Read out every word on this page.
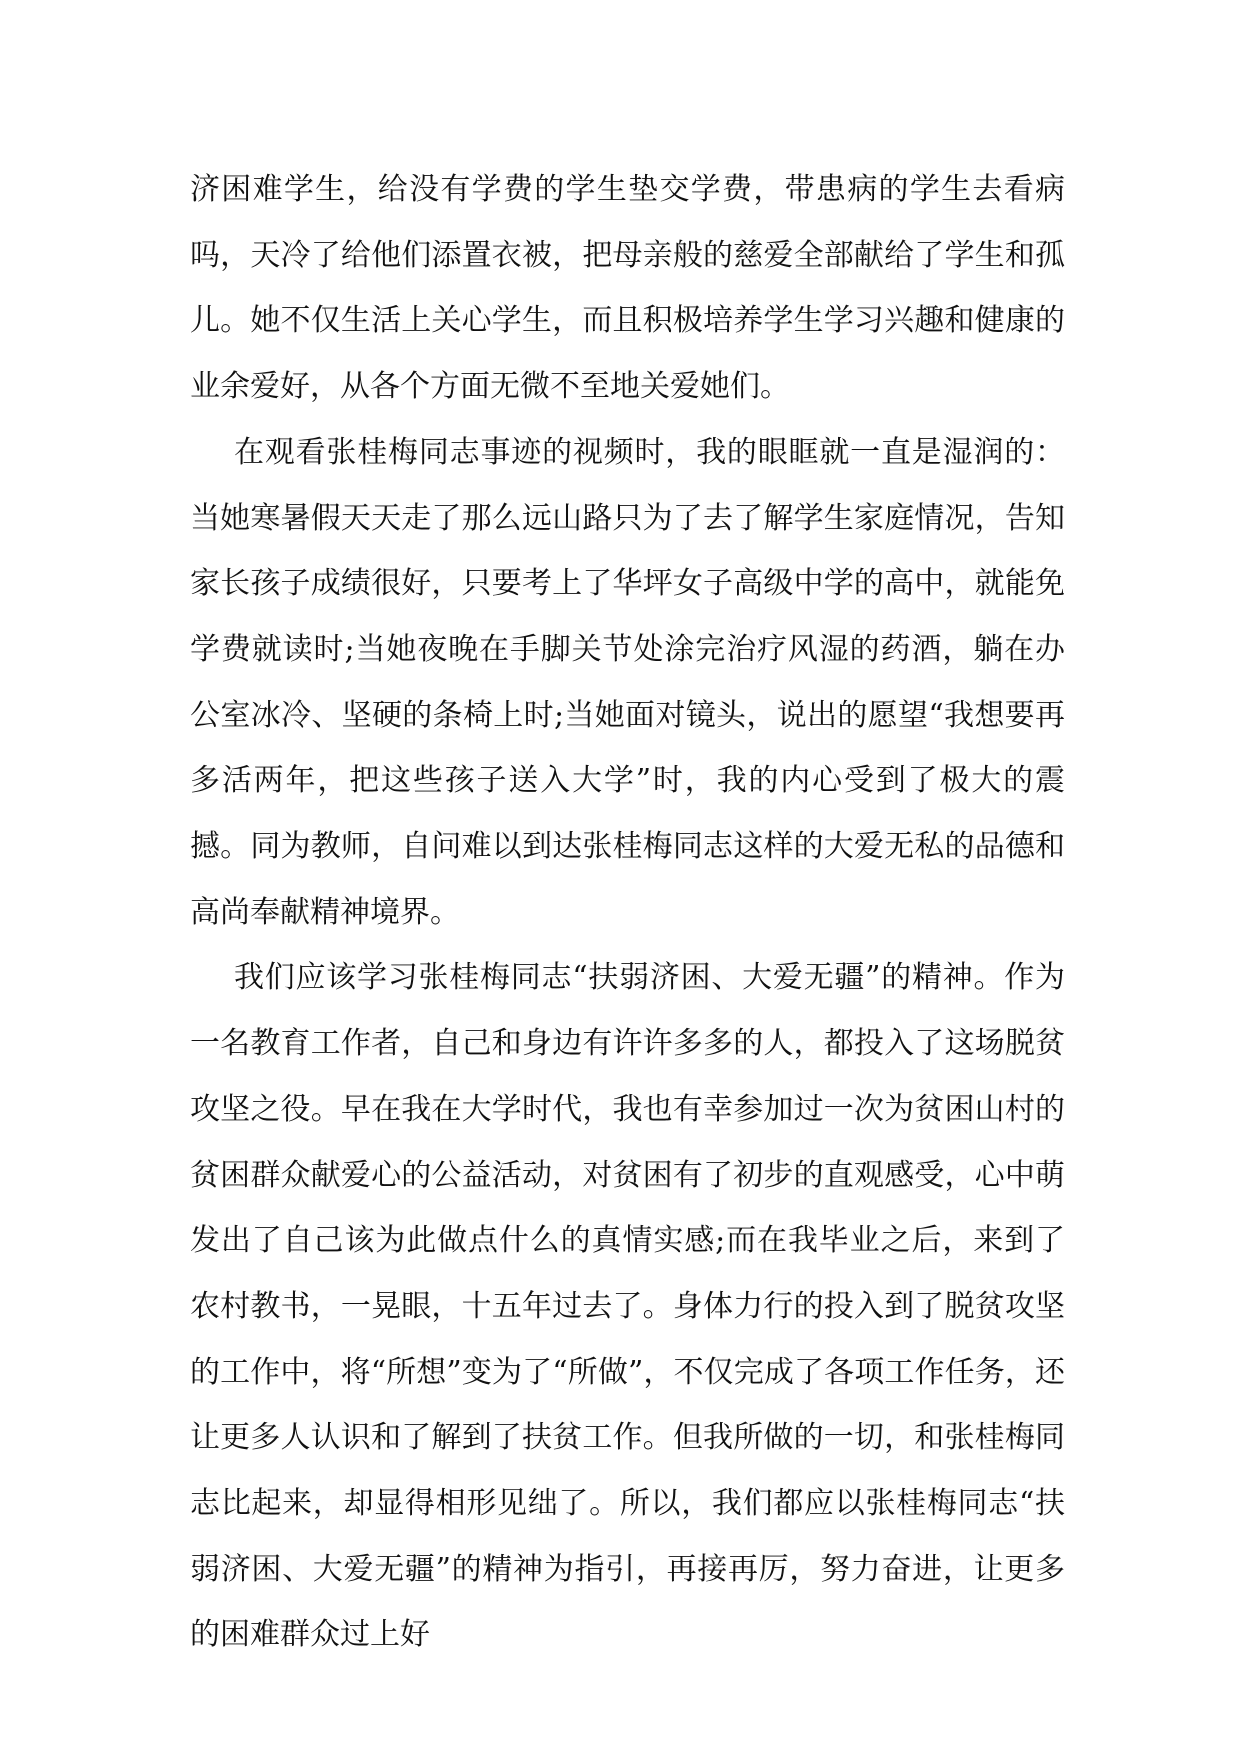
济困难学生，给没有学费的学生垫交学费，带患病的学生去看病吗，天冷了给他们添置衣被，把母亲般的慈爱全部献给了学生和孤儿。她不仅生活上关心学生，而且积极培养学生学习兴趣和健康的业余爱好，从各个方面无微不至地关爱她们。

在观看张桂梅同志事迹的视频时，我的眼眶就一直是湿润的：当她寒暑假天天走了那么远山路只为了去了解学生家庭情况，告知家长孩子成绩很好，只要考上了华坪女子高级中学的高中，就能免学费就读时;当她夜晚在手脚关节处涂完治疗风湿的药酒，躺在办公室冰冷、坚硬的条椅上时;当她面对镜头，说出的愿望“我想要再多活两年，把这些孩子送入大学”时，我的内心受到了极大的震撼。同为教师，自问难以到达张桂梅同志这样的大爱无私的品德和高尚奉献精神境界。

我们应该学习张桂梅同志“扶弱济困、大爱无疆”的精神。作为一名教育工作者，自己和身边有许许多多的人，都投入了这场脱贫攻坚之役。早在我在大学时代，我也有幸参加过一次为贫困山村的贫困群众献爱心的公益活动，对贫困有了初步的直观感受，心中萌发出了自己该为此做点什么的真情实感;而在我毕业之后，来到了农村教书，一晃眼，十五年过去了。身体力行的投入到了脱贫攻坚的工作中，将“所想”变为了“所做”，不仅完成了各项工作任务，还让更多人认识和了解到了扶贫工作。但我所做的一切，和张桂梅同志比起来，却显得相形见绌了。所以，我们都应以张桂梅同志“扶弱济困、大爱无疆”的精神为指引，再接再厉，努力奋进，让更多的困难群众过上好
